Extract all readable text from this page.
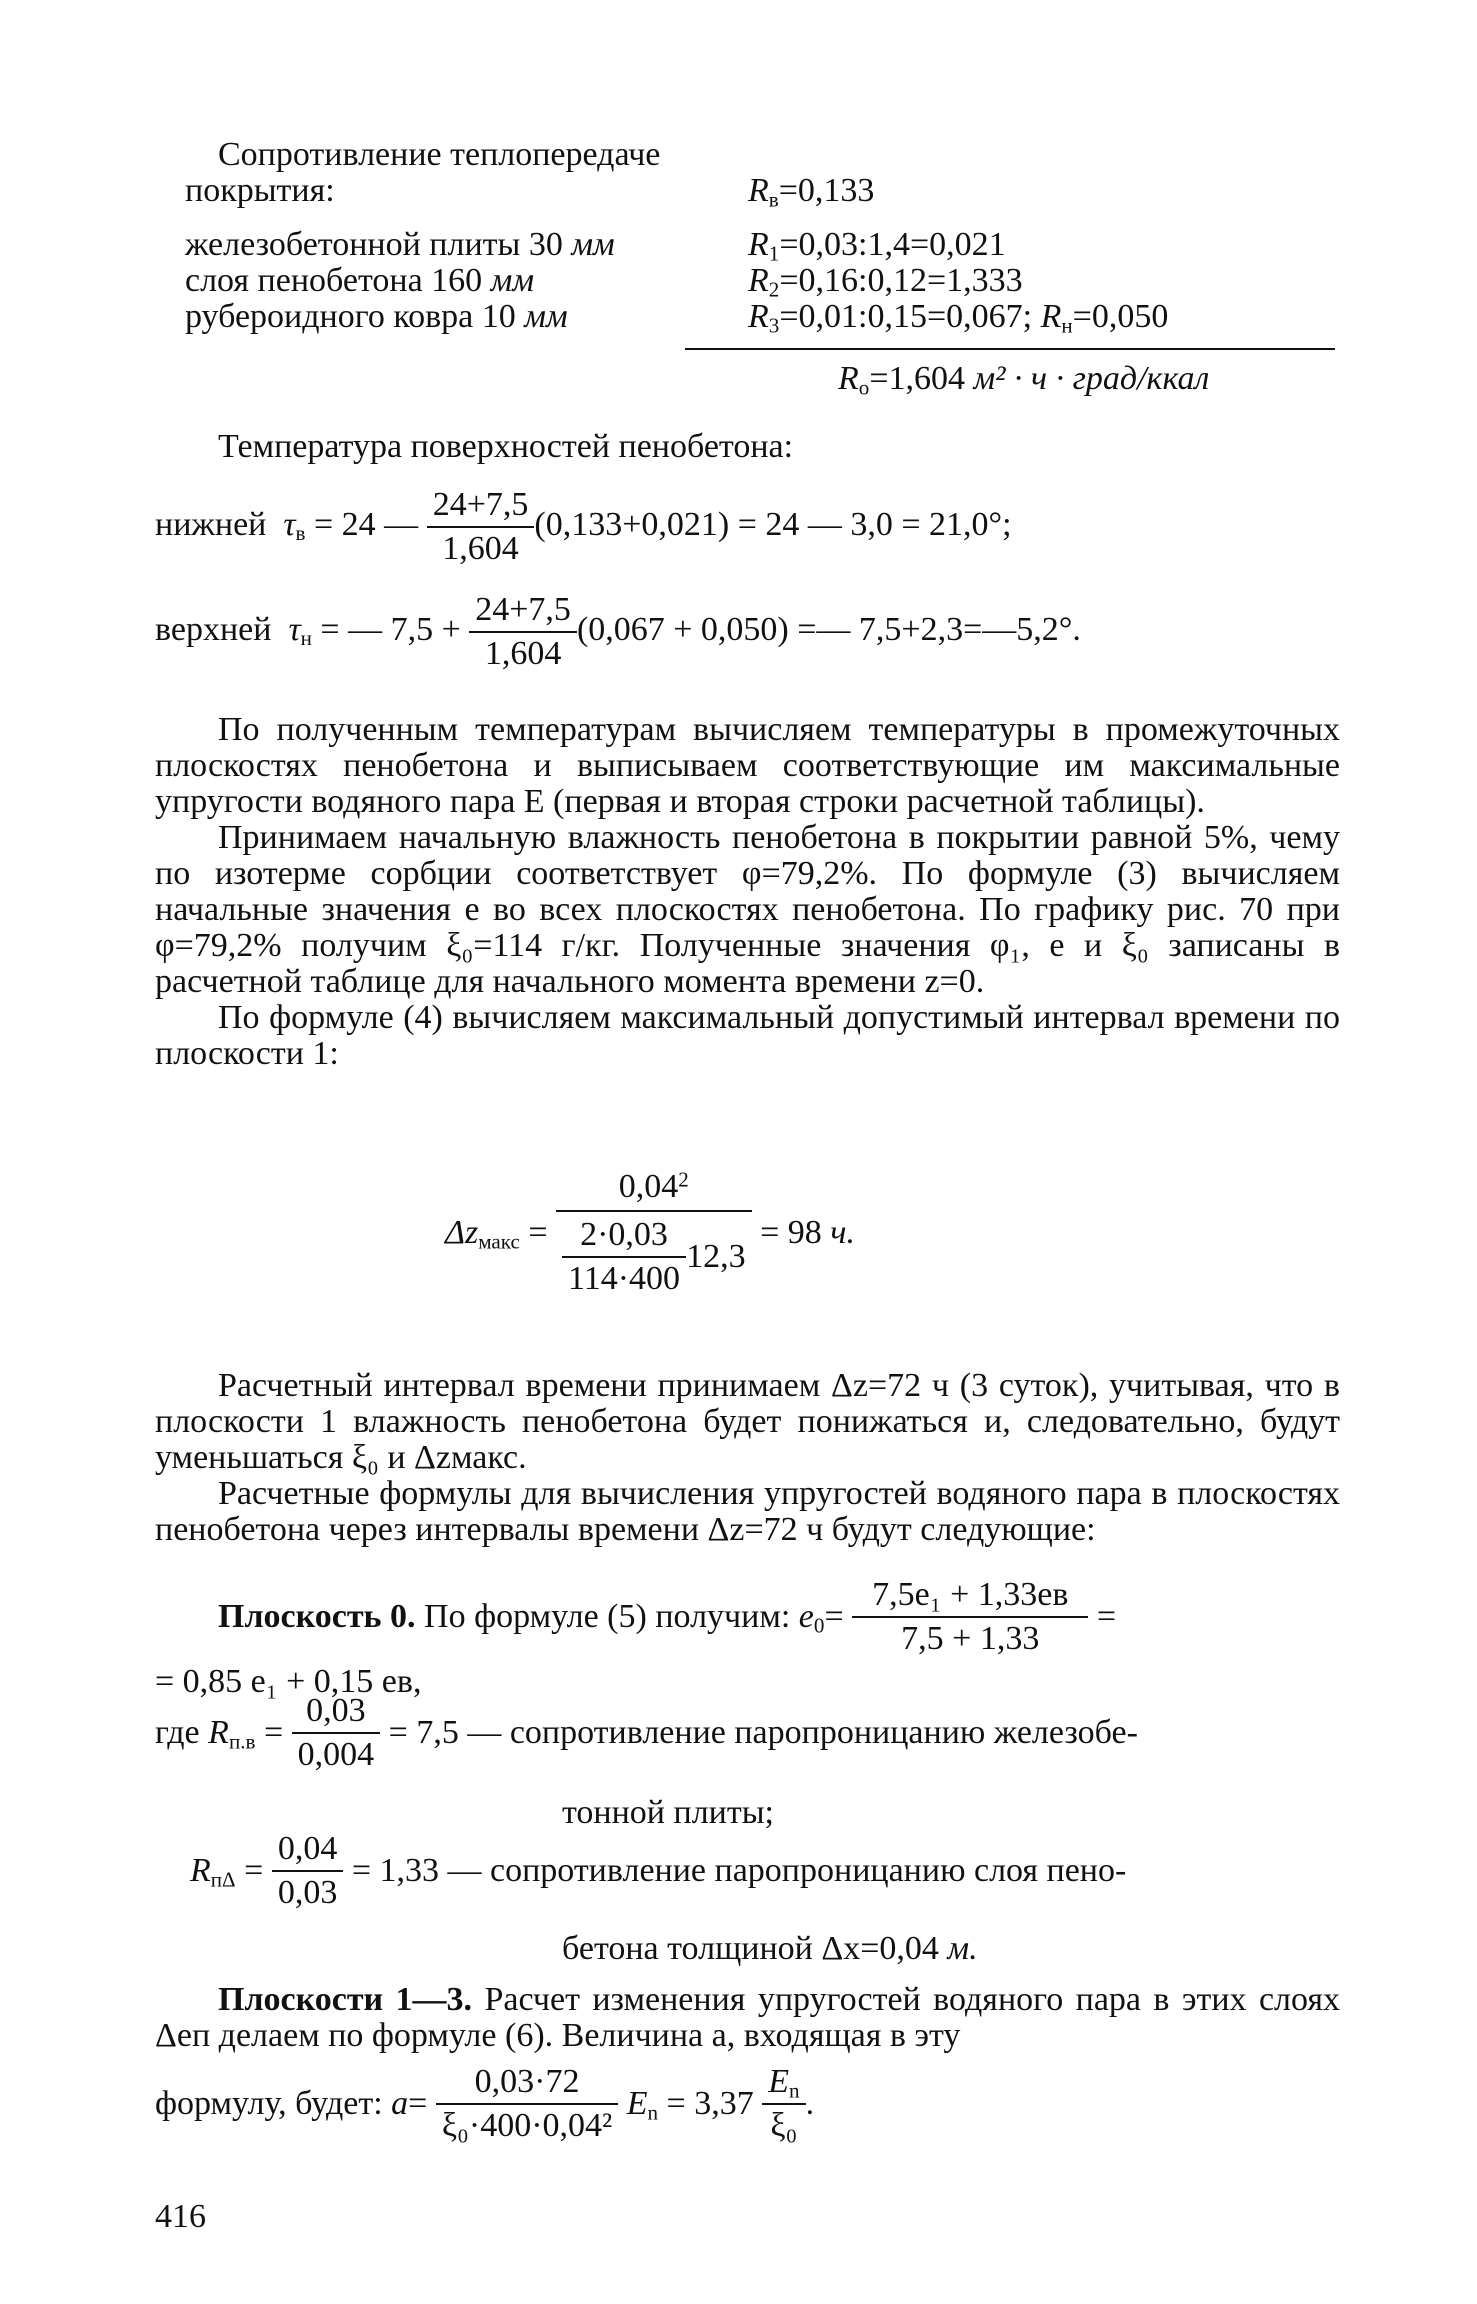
Сопротивление теплопередаче
покрытия:	$R_в=0,133$
железобетонной плиты 30 мм	$R_1=0,03:1,4=0,021$
слоя пенобетона 160 мм	$R_2=0,16:0,12=1,333$
рубероидного ковра 10 мм	$R_3=0,01:0,15=0,067$; $R_н=0,050$
$R_о=1,604$ м² · ч · град/ккал
Температура поверхностей пенобетона:
нижней $\tau_в = 24$ — $\frac{24+7,5}{1,604} (0,133+0,021) = 24$ — 3,0 = 21,0°;
верхней $\tau_н$ = — $7,5 + \frac{24+7,5}{1,604} (0,067 + 0,050)$ =— 7,5+2,3=—5,2°.

По полученным температурам вычисляем температуры в промежуточных плоскостях пенобетона и выписываем соответствующие им максимальные упругости водяного пара E (первая и вторая строки расчетной таблицы).

Принимаем начальную влажность пенобетона в покрытии равной 5%, чему по изотерме сорбции соответствует φ=79,2%. По формуле (3) вычисляем начальные значения e во всех плоскостях пенобетона. По графику рис. 70 при φ=79,2% получим ξ₀=114 г/кг. Полученные значения φ₁, e и ξ₀ записаны в расчетной таблице для начального момента времени z=0.

По формуле (4) вычисляем максимальный допустимый интервал времени по плоскости 1:

$\Delta z_{макс} = \frac{0,04^2}{\frac{2\cdot 0,03}{114\cdot 400} 12,3} = 98$ ч.

Расчетный интервал времени принимаем Δz=72 ч (3 суток), учитывая, что в плоскости 1 влажность пенобетона будет понижаться и, следовательно, будут уменьшаться ξ₀ и Δzмакс.

Расчетные формулы для вычисления упругостей водяного пара в плоскостях пенобетона через интервалы времени Δz=72 ч будут следующие:

Плоскость 0. По формуле (5) получим: $e_0= \frac{\text{7,5e₁ + 1,33eв}}{7,5 + 1,33}$ =
= 0,85 e₁ + 0,15 eв,
где $R_{п.в} = \frac{0,03}{0,004} = 7,5$ — сопротивление паропроницанию железобе-
тонной плиты;
$R_{п\Delta} = \frac{0,04}{0,03} = 1,33$ — сопротивление паропроницанию слоя пено-
бетона толщиной Δx=0,04 м.

Плоскости 1—3. Расчет изменения упругостей водяного пара в этих слоях Δeп делаем по формуле (6). Величина a, входящая в эту

формулу, будет: $a= \frac{0,03\cdot 72}{\text{ξ₀·400·0,04²}} E_n = 3,37 \frac{E_n}{\text{ξ₀}}$ .
416
